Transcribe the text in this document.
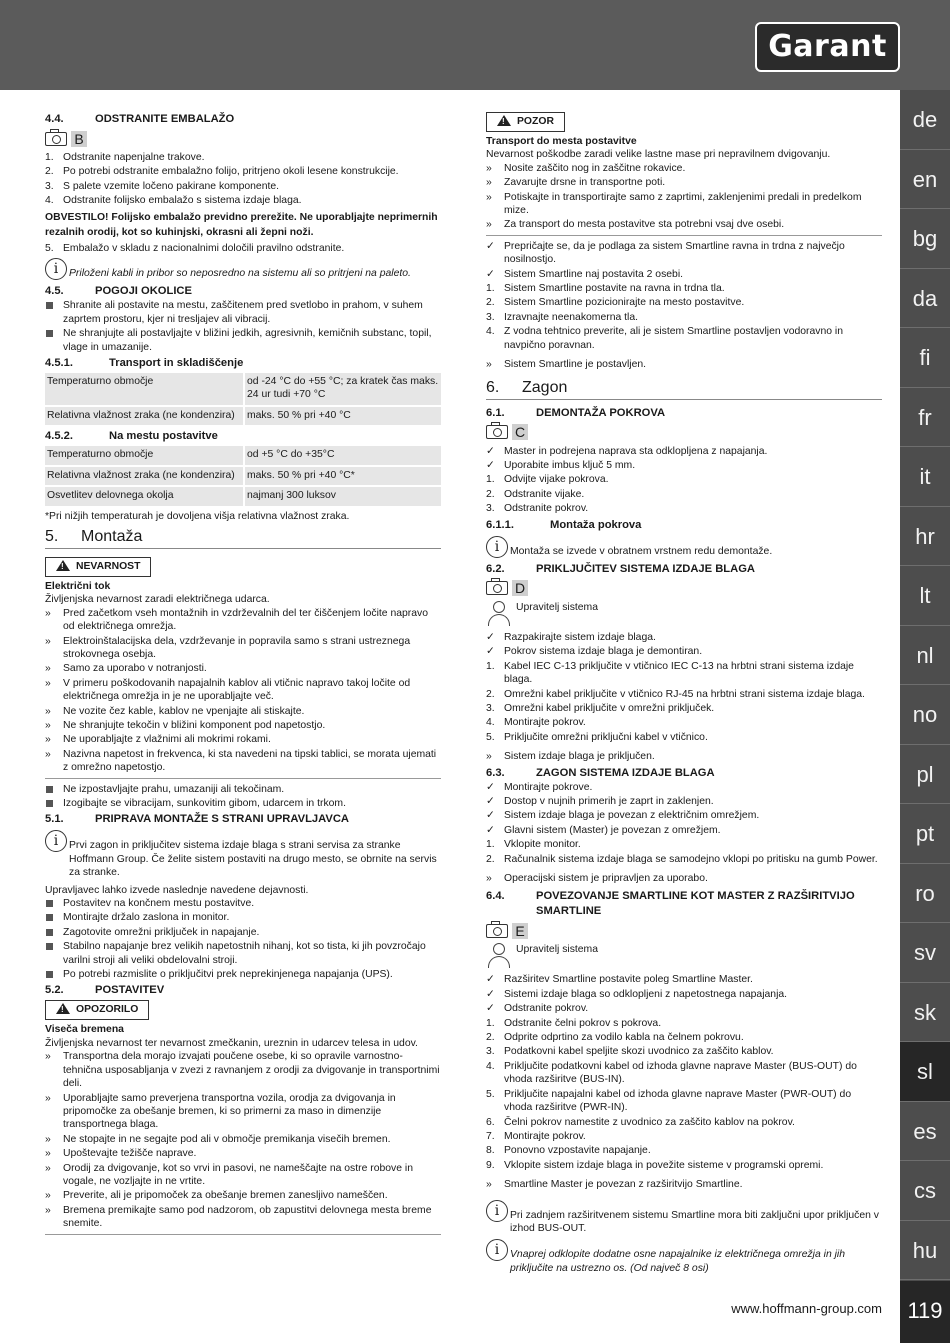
Garant
de
en
bg
da
fi
fr
it
hr
lt
nl
no
pl
pt
ro
sv
sk
sl
es
cs
hu
119
www.hoffmann-group.com
4.4.	ODSTRANITE EMBALAŽO
B
1. Odstranite napenjalne trakove.
2. Po potrebi odstranite embalažno folijo, pritrjeno okoli lesene konstrukcije.
3. S palete vzemite ločeno pakirane komponente.
4. Odstranite folijsko embalažo s sistema izdaje blaga.
OBVESTILO! Folijsko embalažo previdno prerežite. Ne uporabljajte neprimernih rezalnih orodij, kot so kuhinjski, okrasni ali žepni noži.
5. Embalažo v skladu z nacionalnimi določili pravilno odstranite.
i	Priloženi kabli in pribor so neposredno na sistemu ali so pritrjeni na paleto.
4.5.	POGOJI OKOLICE
Shranite ali postavite na mestu, zaščitenem pred svetlobo in prahom, v suhem zaprtem prostoru, kjer ni tresljajev ali vibracij.
Ne shranjujte ali postavljajte v bližini jedkih, agresivnih, kemičnih substanc, topil, vlage in umazanije.
4.5.1.	Transport in skladiščenje
Temperaturno območje	od -24 °C do +55 °C; za kratek čas maks. 24 ur tudi +70 °C
Relativna vlažnost zraka (ne kondenzira)	maks. 50 % pri +40 °C
4.5.2.	Na mestu postavitve
Temperaturno območje	od +5 °C do +35°C
Relativna vlažnost zraka (ne kondenzira)	maks. 50 % pri +40 °C*
Osvetlitev delovnega okolja	najmanj 300 luksov
*Pri nižjih temperaturah je dovoljena višja relativna vlažnost zraka.
5. Montaža
!
NEVARNOST
Električni tok
Življenjska nevarnost zaradi električnega udarca.
» Pred začetkom vseh montažnih in vzdrževalnih del ter čiščenjem ločite napravo od električnega omrežja.
» Elektroinštalacijska dela, vzdrževanje in popravila samo s strani ustreznega strokovnega osebja.
» Samo za uporabo v notranjosti.
» V primeru poškodovanih napajalnih kablov ali vtičnic napravo takoj ločite od električnega omrežja in je ne uporabljajte več.
» Ne vozite čez kable, kablov ne vpenjajte ali stiskajte.
» Ne shranjujte tekočin v bližini komponent pod napetostjo.
» Ne uporabljajte z vlažnimi ali mokrimi rokami.
» Nazivna napetost in frekvenca, ki sta navedeni na tipski tablici, se morata ujemati z omrežno napetostjo.
Ne izpostavljajte prahu, umazaniji ali tekočinam.
Izogibajte se vibracijam, sunkovitim gibom, udarcem in trkom.
5.1.	PRIPRAVA MONTAŽE S STRANI UPRAVLJAVCA
i	Prvi zagon in priključitev sistema izdaje blaga s strani servisa za stranke Hoffmann Group. Če želite sistem postaviti na drugo mesto, se obrnite na servis za stranke.
Upravljavec lahko izvede naslednje navedene dejavnosti.
Postavitev na končnem mestu postavitve.
Montirajte držalo zaslona in monitor.
Zagotovite omrežni priključek in napajanje.
Stabilno napajanje brez velikih napetostnih nihanj, kot so tista, ki jih povzročajo varilni stroji ali veliki obdelovalni stroji.
Po potrebi razmislite o priključitvi prek neprekinjenega napajanja (UPS).
5.2.	POSTAVITEV
!
OPOZORILO
Viseča bremena
Življenjska nevarnost ter nevarnost zmečkanin, ureznin in udarcev telesa in udov.
» Transportna dela morajo izvajati poučene osebe, ki so opravile varnostno-tehnična usposabljanja v zvezi z ravnanjem z orodji za dvigovanje in transportnimi deli.
» Uporabljajte samo preverjena transportna vozila, orodja za dvigovanja in pripomočke za obešanje bremen, ki so primerni za maso in dimenzije transportnega blaga.
» Ne stopajte in ne segajte pod ali v območje premikanja visečih bremen.
» Upoštevajte težišče naprave.
» Orodij za dvigovanje, kot so vrvi in pasovi, ne nameščajte na ostre robove in vogale, ne vozljajte in ne vrtite.
» Preverite, ali je pripomoček za obešanje bremen zanesljivo nameščen.
» Bremena premikajte samo pod nadzorom, ob zapustitvi delovnega mesta breme snemite.
!
POZOR
Transport do mesta postavitve
Nevarnost poškodbe zaradi velike lastne mase pri nepravilnem dvigovanju.
» Nosite zaščito nog in zaščitne rokavice.
» Zavarujte drsne in transportne poti.
» Potiskajte in transportirajte samo z zaprtimi, zaklenjenimi predali in predelkom mize.
» Za transport do mesta postavitve sta potrebni vsaj dve osebi.
✓ Prepričajte se, da je podlaga za sistem Smartline ravna in trdna z največjo nosilnostjo.
✓ Sistem Smartline naj postavita 2 osebi.
1. Sistem Smartline postavite na ravna in trdna tla.
2. Sistem Smartline pozicionirajte na mesto postavitve.
3. Izravnajte neenakomerna tla.
4. Z vodna tehtnico preverite, ali je sistem Smartline postavljen vodoravno in navpično poravnan.
» Sistem Smartline je postavljen.
6. Zagon
6.1.	DEMONTAŽA POKROVA
C
✓ Master in podrejena naprava sta odklopljena z napajanja.
✓ Uporabite imbus ključ 5 mm.
1. Odvijte vijake pokrova.
2. Odstranite vijake.
3. Odstranite pokrov.
6.1.1.	Montaža pokrova
i	Montaža se izvede v obratnem vrstnem redu demontaže.
6.2.	PRIKLJUČITEV SISTEMA IZDAJE BLAGA
D
Upravitelj sistema
✓ Razpakirajte sistem izdaje blaga.
✓ Pokrov sistema izdaje blaga je demontiran.
1. Kabel IEC C-13 priključite v vtičnico IEC C-13 na hrbtni strani sistema izdaje blaga.
2. Omrežni kabel priključite v vtičnico RJ-45 na hrbtni strani sistema izdaje blaga.
3. Omrežni kabel priključite v omrežni priključek.
4. Montirajte pokrov.
5. Priključite omrežni priključni kabel v vtičnico.
» Sistem izdaje blaga je priključen.
6.3.	ZAGON SISTEMA IZDAJE BLAGA
✓ Montirajte pokrove.
✓ Dostop v nujnih primerih je zaprt in zaklenjen.
✓ Sistem izdaje blaga je povezan z električnim omrežjem.
✓ Glavni sistem (Master) je povezan z omrežjem.
1. Vklopite monitor.
2. Računalnik sistema izdaje blaga se samodejno vklopi po pritisku na gumb Power.
» Operacijski sistem je pripravljen za uporabo.
6.4.	POVEZOVANJE SMARTLINE KOT MASTER Z RAZŠIRITVIJO SMARTLINE
E
Upravitelj sistema
✓ Razširitev Smartline postavite poleg Smartline Master.
✓ Sistemi izdaje blaga so odklopljeni z napetostnega napajanja.
✓ Odstranite pokrov.
1. Odstranite čelni pokrov s pokrova.
2. Odprite odprtino za vodilo kabla na čelnem pokrovu.
3. Podatkovni kabel speljite skozi uvodnico za zaščito kablov.
4. Priključite podatkovni kabel od izhoda glavne naprave Master (BUS-OUT) do vhoda razširitve (BUS-IN).
5. Priključite napajalni kabel od izhoda glavne naprave Master (PWR-OUT) do vhoda razširitve (PWR-IN).
6. Čelni pokrov namestite z uvodnico za zaščito kablov na pokrov.
7. Montirajte pokrov.
8. Ponovno vzpostavite napajanje.
9. Vklopite sistem izdaje blaga in povežite sisteme v programski opremi.
» Smartline Master je povezan z razširitvijo Smartline.
i	Pri zadnjem razširitvenem sistemu Smartline mora biti zaključni upor priključen v izhod BUS-OUT.
i	Vnaprej odklopite dodatne osne napajalnike iz električnega omrežja in jih priključite na ustrezno os. (Od največ 8 osi)
